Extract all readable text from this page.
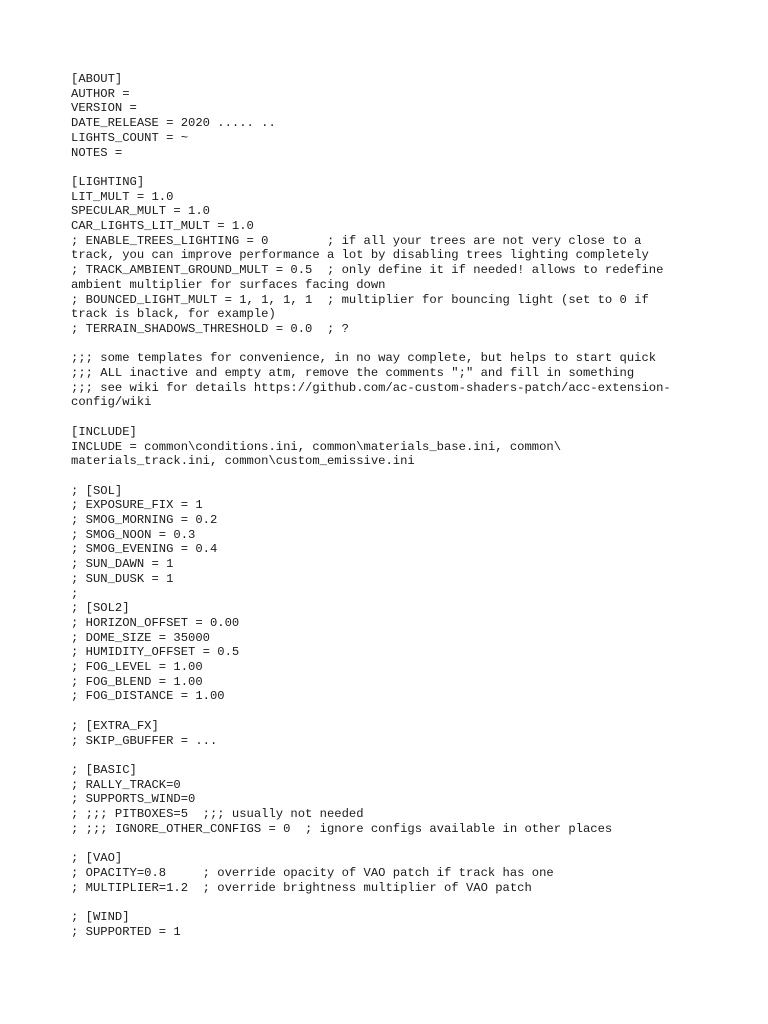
[ABOUT]
AUTHOR =
VERSION =
DATE_RELEASE = 2020 ..... ..
LIGHTS_COUNT = ~
NOTES =
[LIGHTING]
LIT_MULT = 1.0
SPECULAR_MULT = 1.0
CAR_LIGHTS_LIT_MULT = 1.0
; ENABLE_TREES_LIGHTING = 0        ; if all your trees are not very close to a
track, you can improve performance a lot by disabling trees lighting completely
; TRACK_AMBIENT_GROUND_MULT = 0.5  ; only define it if needed! allows to redefine
ambient multiplier for surfaces facing down
; BOUNCED_LIGHT_MULT = 1, 1, 1, 1  ; multiplier for bouncing light (set to 0 if
track is black, for example)
; TERRAIN_SHADOWS_THRESHOLD = 0.0  ; ?
;;; some templates for convenience, in no way complete, but helps to start quick
;;; ALL inactive and empty atm, remove the comments ";" and fill in something
;;; see wiki for details https://github.com/ac-custom-shaders-patch/acc-extension-
config/wiki
[INCLUDE]
INCLUDE = common\conditions.ini, common\materials_base.ini, common\
materials_track.ini, common\custom_emissive.ini
; [SOL]
; EXPOSURE_FIX = 1
; SMOG_MORNING = 0.2
; SMOG_NOON = 0.3
; SMOG_EVENING = 0.4
; SUN_DAWN = 1
; SUN_DUSK = 1
;
; [SOL2]
; HORIZON_OFFSET = 0.00
; DOME_SIZE = 35000
; HUMIDITY_OFFSET = 0.5
; FOG_LEVEL = 1.00
; FOG_BLEND = 1.00
; FOG_DISTANCE = 1.00
; [EXTRA_FX]
; SKIP_GBUFFER = ...
; [BASIC]
; RALLY_TRACK=0
; SUPPORTS_WIND=0
; ;;; PITBOXES=5  ;;; usually not needed
; ;;; IGNORE_OTHER_CONFIGS = 0  ; ignore configs available in other places
; [VAO]
; OPACITY=0.8     ; override opacity of VAO patch if track has one
; MULTIPLIER=1.2  ; override brightness multiplier of VAO patch
; [WIND]
; SUPPORTED = 1
